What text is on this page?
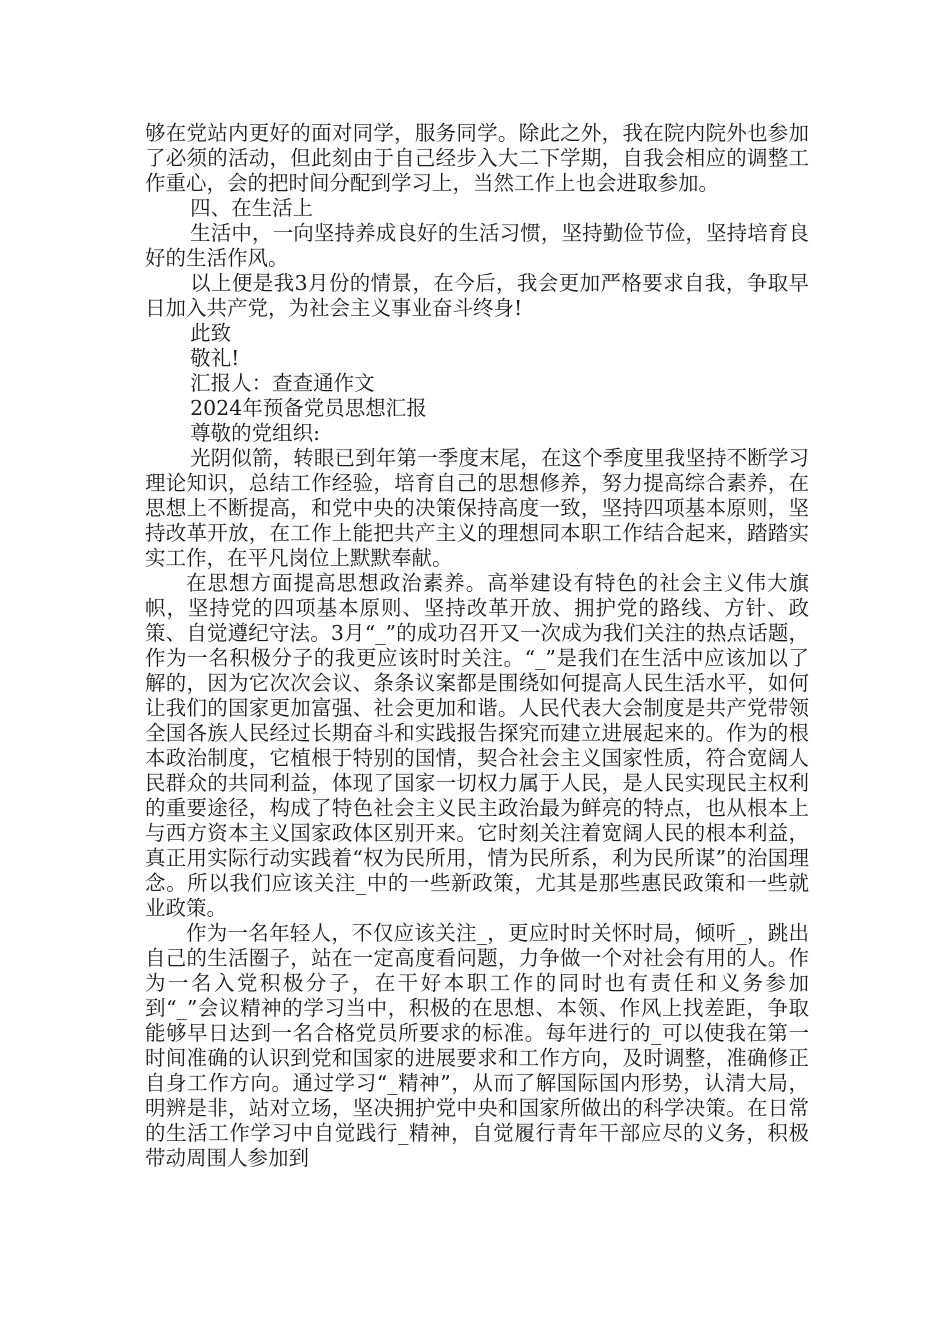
够在党站内更好的面对同学，服务同学。除此之外，我在院内院外也参加了必须的活动，但此刻由于自己经步入大二下学期，自我会相应的调整工作重心，会的把时间分配到学习上，当然工作上也会进取参加。

四、在生活上

生活中，一向坚持养成良好的生活习惯，坚持勤俭节俭，坚持培育良好的生活作风。

以上便是我3月份的情景，在今后，我会更加严格要求自我，争取早日加入共产党，为社会主义事业奋斗终身!

此致

敬礼!

汇报人：查查通作文

2024年预备党员思想汇报

尊敬的党组织:

光阴似箭，转眼已到年第一季度末尾，在这个季度里我坚持不断学习理论知识，总结工作经验，培育自己的思想修养，努力提高综合素养，在思想上不断提高，和党中央的决策保持高度一致，坚持四项基本原则，坚持改革开放，在工作上能把共产主义的理想同本职工作结合起来，踏踏实实工作，在平凡岗位上默默奉献。

在思想方面提高思想政治素养。高举建设有特色的社会主义伟大旗帜，坚持党的四项基本原则、坚持改革开放、拥护党的路线、方针、政策、自觉遵纪守法。3月“_”的成功召开又一次成为我们关注的热点话题，作为一名积极分子的我更应该时时关注。“_”是我们在生活中应该加以了解的，因为它次次会议、条条议案都是围绕如何提高人民生活水平，如何让我们的国家更加富强、社会更加和谐。人民代表大会制度是共产党带领全国各族人民经过长期奋斗和实践报告探究而建立进展起来的。作为的根本政治制度，它植根于特别的国情，契合社会主义国家性质，符合宽阔人民群众的共同利益，体现了国家一切权力属于人民，是人民实现民主权利的重要途径，构成了特色社会主义民主政治最为鲜亮的特点，也从根本上与西方资本主义国家政体区别开来。它时刻关注着宽阔人民的根本利益，真正用实际行动实践着“权为民所用，情为民所系，利为民所谋”的治国理念。所以我们应该关注_中的一些新政策，尤其是那些惠民政策和一些就业政策。

作为一名年轻人，不仅应该关注_，更应时时关怀时局，倾听_，跳出自己的生活圈子，站在一定高度看问题，力争做一个对社会有用的人。作为一名入党积极分子，在干好本职工作的同时也有责任和义务参加到“_”会议精神的学习当中，积极的在思想、本领、作风上找差距，争取能够早日达到一名合格党员所要求的标准。每年进行的_可以使我在第一时间准确的认识到党和国家的进展要求和工作方向，及时调整，准确修正自身工作方向。通过学习“_精神”，从而了解国际国内形势，认清大局，明辨是非，站对立场，坚决拥护党中央和国家所做出的科学决策。在日常的生活工作学习中自觉践行_精神，自觉履行青年干部应尽的义务，积极带动周围人参加到
